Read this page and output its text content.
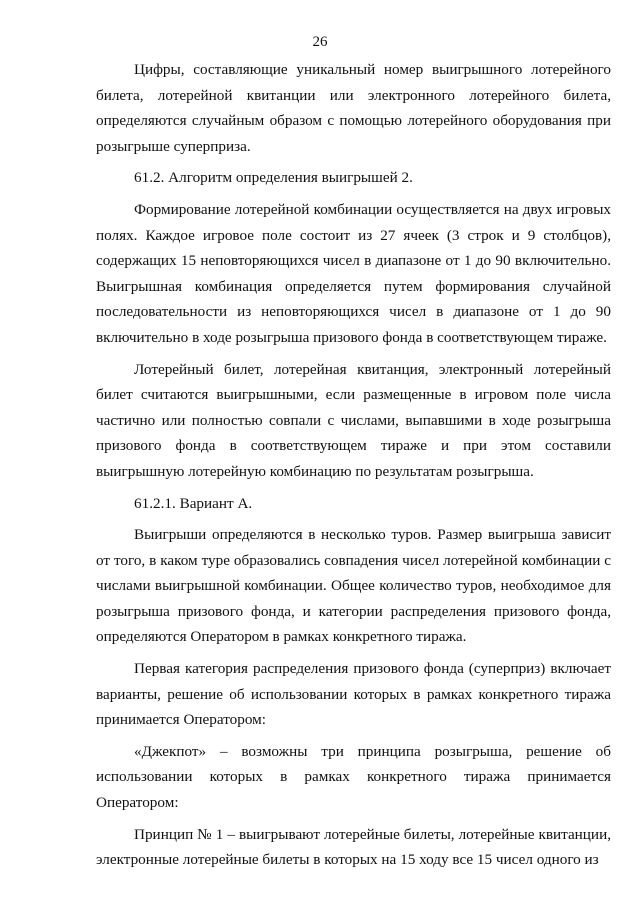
26

Цифры, составляющие уникальный номер выигрышного лотерейного билета, лотерейной квитанции или электронного лотерейного билета, определяются случайным образом с помощью лотерейного оборудования при розыгрыше суперприза.

61.2. Алгоритм определения выигрышей 2.

Формирование лотерейной комбинации осуществляется на двух игровых полях. Каждое игровое поле состоит из 27 ячеек (3 строк и 9 столбцов), содержащих 15 неповторяющихся чисел в диапазоне от 1 до 90 включительно. Выигрышная комбинация определяется путем формирования случайной последовательности из неповторяющихся чисел в диапазоне от 1 до 90 включительно в ходе розыгрыша призового фонда в соответствующем тираже.

Лотерейный билет, лотерейная квитанция, электронный лотерейный билет считаются выигрышными, если размещенные в игровом поле числа частично или полностью совпали с числами, выпавшими в ходе розыгрыша призового фонда в соответствующем тираже и при этом составили выигрышную лотерейную комбинацию по результатам розыгрыша.

61.2.1. Вариант А.

Выигрыши определяются в несколько туров. Размер выигрыша зависит от того, в каком туре образовались совпадения чисел лотерейной комбинации с числами выигрышной комбинации. Общее количество туров, необходимое для розыгрыша призового фонда, и категории распределения призового фонда, определяются Оператором в рамках конкретного тиража.

Первая категория распределения призового фонда (суперприз) включает варианты, решение об использовании которых в рамках конкретного тиража принимается Оператором:

«Джекпот» – возможны три принципа розыгрыша, решение об использовании которых в рамках конкретного тиража принимается Оператором:

Принцип № 1 – выигрывают лотерейные билеты, лотерейные квитанции, электронные лотерейные билеты в которых на 15 ходу все 15 чисел одного из
